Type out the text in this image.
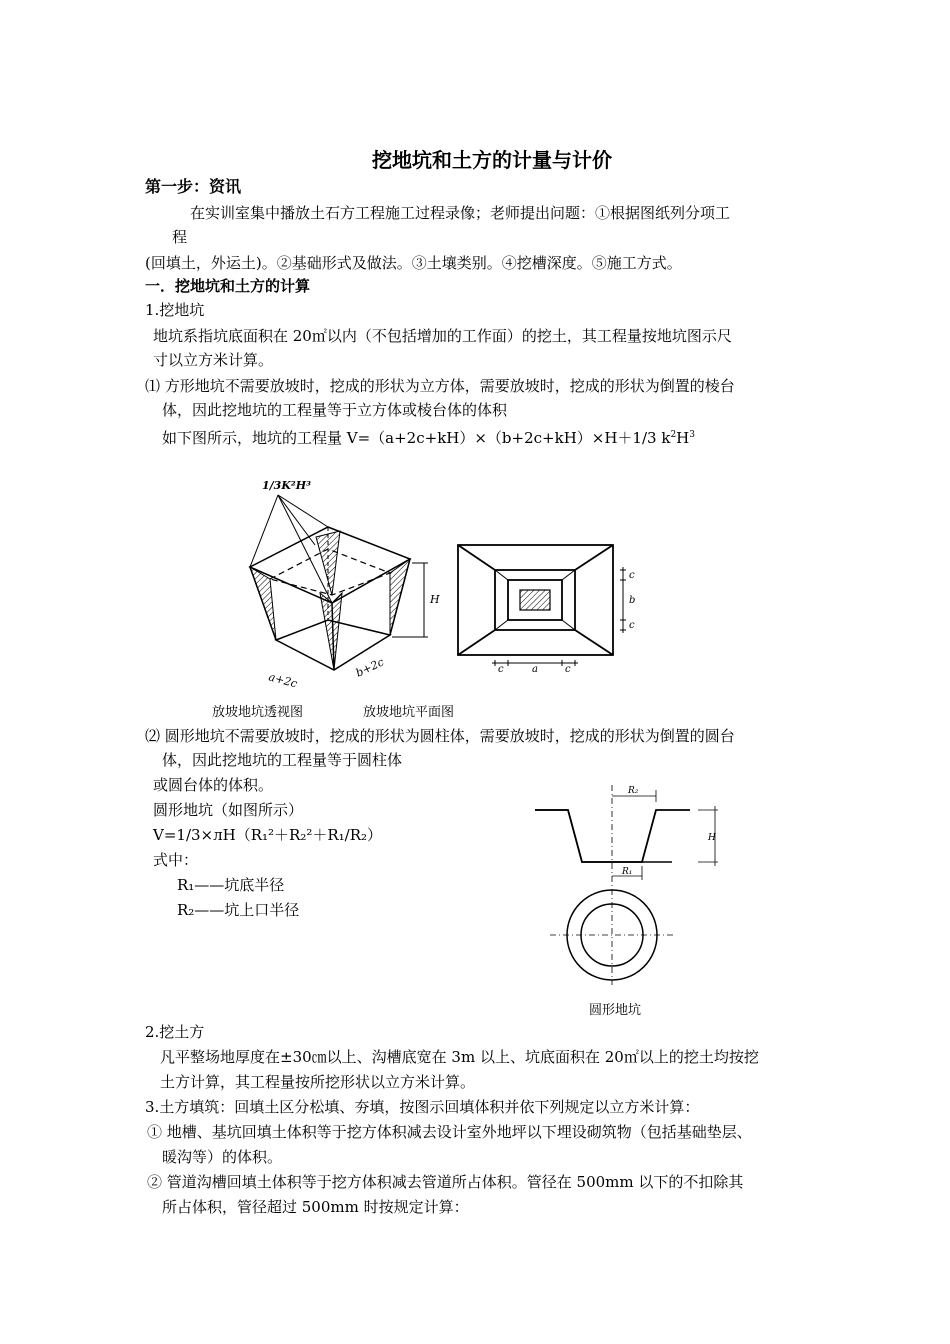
挖地坑和土方的计量与计价
第一步：资讯
在实训室集中播放土石方工程施工过程录像；老师提出问题：①根据图纸列分项工
程
(回填土，外运土)。②基础形式及做法。③土壤类别。④挖槽深度。⑤施工方式。
一．挖地坑和土方的计算
1.挖地坑
地坑系指坑底面积在 20㎡以内（不包括增加的工作面）的挖土，其工程量按地坑图示尺
寸以立方米计算。
⑴ 方形地坑不需要放坡时，挖成的形状为立方体，需要放坡时，挖成的形状为倒置的棱台
体，因此挖地坑的工程量等于立方体或棱台体的体积
如下图所示，地坑的工程量 V=（a+2c+kH）×（b+2c+kH）×H＋1/3 $k^2H^3$
1/3K²H³
H
a+2c
b+2c	c	a	c
c
b
c
放坡地坑透视图	放坡地坑平面图
⑵ 圆形地坑不需要放坡时，挖成的形状为圆柱体，需要放坡时，挖成的形状为倒置的圆台
体，因此挖地坑的工程量等于圆柱体
或圆台体的体积。
圆形地坑（如图所示）
V=1/3×лH（R₁²＋R₂²＋R₁/R₂）
式中：
R₁——坑底半径
R₂——坑上口半径
R₂
R₁
H
圆形地坑
2.挖土方
凡平整场地厚度在±30㎝以上、沟槽底宽在 3m 以上、坑底面积在 20㎡以上的挖土均按挖
土方计算，其工程量按所挖形状以立方米计算。
3.土方填筑：回填土区分松填、夯填，按图示回填体积并依下列规定以立方米计算：
① 地槽、基坑回填土体积等于挖方体积减去设计室外地坪以下埋设砌筑物（包括基础垫层、
暖沟等）的体积。
② 管道沟槽回填土体积等于挖方体积减去管道所占体积。管径在 500mm 以下的不扣除其
所占体积，管径超过 500mm 时按规定计算：
